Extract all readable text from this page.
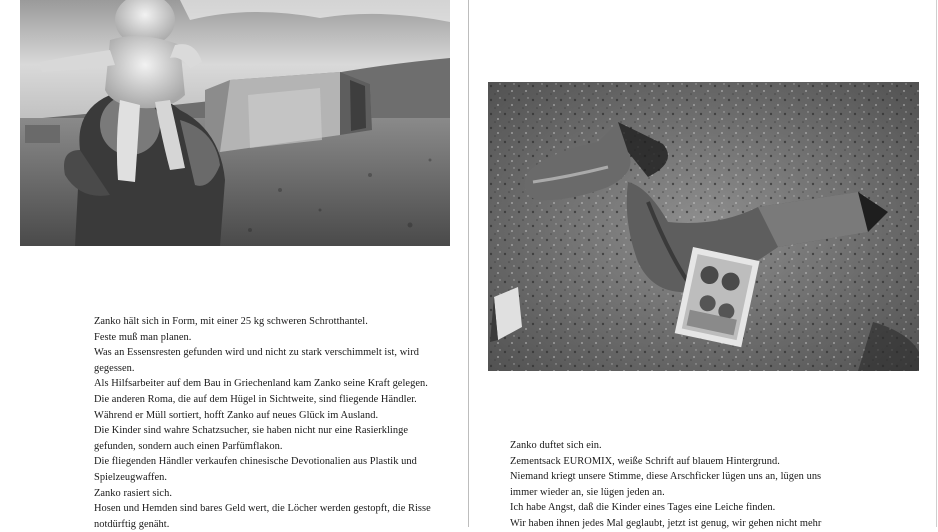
Zanko hält sich in Form, mit einer 25 kg schweren Schrotthantel.

Feste muß man planen.

Was an Essensresten gefunden wird und nicht zu stark verschimmelt ist, wird gegessen.

Als Hilfsarbeiter auf dem Bau in Griechenland kam Zanko seine Kraft gelegen.

Die anderen Roma, die auf dem Hügel in Sichtweite, sind fliegende Händler.

Während er Müll sortiert, hofft Zanko auf neues Glück im Ausland.

Die Kinder sind wahre Schatzsucher, sie haben nicht nur eine Rasierklinge gefunden, sondern auch einen Parfümflakon.

Die fliegenden Händler verkaufen chinesische Devotionalien aus Plastik und Spielzeugwaffen.

Zanko rasiert sich.

Hosen und Hemden sind bares Geld wert, die Löcher werden gestopft, die Risse notdürftig genäht.

Zanko duftet sich ein.

Zementsack EUROMIX, weiße Schrift auf blauem Hintergrund.

Niemand kriegt unsere Stimme, diese Arschficker lügen uns an, lügen uns immer wieder an, sie lügen jeden an.

Ich habe Angst, daß die Kinder eines Tages eine Leiche finden.

Wir haben ihnen jedes Mal geglaubt, jetzt ist genug, wir gehen nicht mehr
